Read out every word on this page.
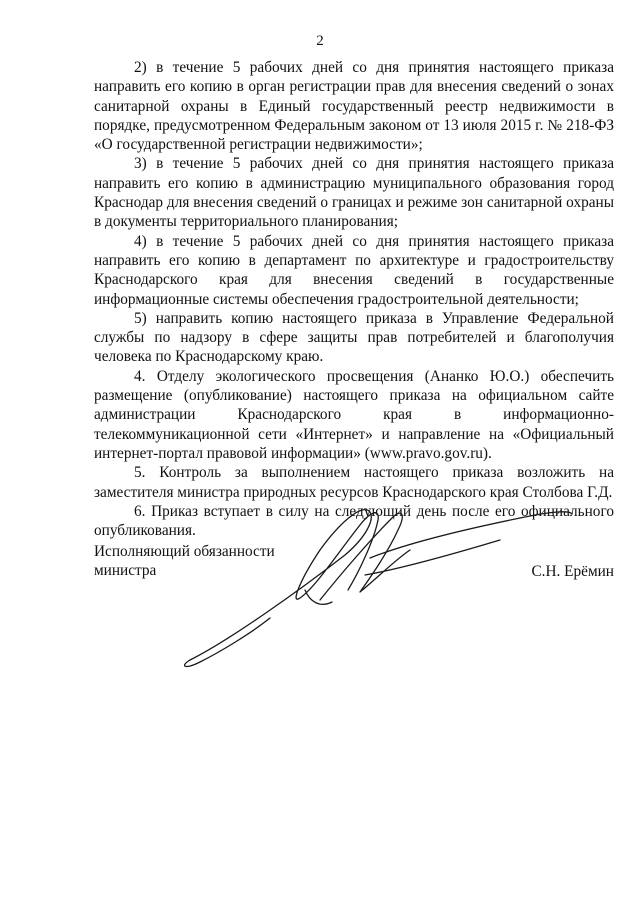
2

2) в течение 5 рабочих дней со дня принятия настоящего приказа направить его копию в орган регистрации прав для внесения сведений о зонах санитарной охраны в Единый государственный реестр недвижимости в порядке, предусмотренном Федеральным законом от 13 июля 2015 г. № 218-ФЗ «О государственной регистрации недвижимости»;

3) в течение 5 рабочих дней со дня принятия настоящего приказа направить его копию в администрацию муниципального образования город Краснодар для внесения сведений о границах и режиме зон санитарной охраны в документы территориального планирования;

4) в течение 5 рабочих дней со дня принятия настоящего приказа направить его копию в департамент по архитектуре и градостроительству Краснодарского края для внесения сведений в государственные информационные системы обеспечения градостроительной деятельности;

5) направить копию настоящего приказа в Управление Федеральной службы по надзору в сфере защиты прав потребителей и благополучия человека по Краснодарскому краю.

4. Отделу экологического просвещения (Ананко Ю.О.) обеспечить размещение (опубликование) настоящего приказа на официальном сайте администрации Краснодарского края в информационно-телекоммуникационной сети «Интернет» и направление на «Официальный интернет-портал правовой информации» (www.pravo.gov.ru).

5. Контроль за выполнением настоящего приказа возложить на заместителя министра природных ресурсов Краснодарского края Столбова Г.Д.

6. Приказ вступает в силу на следующий день после его официального опубликования.

Исполняющий обязанности
министра	С.Н. Ерёмин
